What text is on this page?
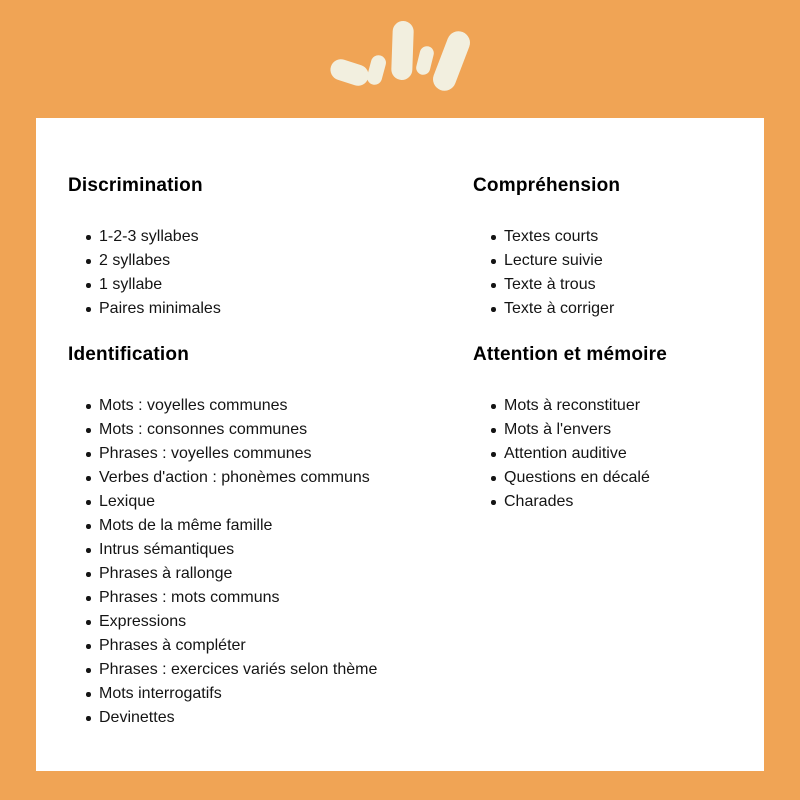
Discrimination
1-2-3 syllabes
2 syllabes
1 syllabe
Paires minimales
Compréhension
Textes courts
Lecture suivie
Texte à trous
Texte à corriger
Identification
Mots : voyelles communes
Mots : consonnes communes
Phrases : voyelles communes
Verbes d'action : phonèmes communs
Lexique
Mots de la même famille
Intrus sémantiques
Phrases à rallonge
Phrases : mots communs
Expressions
Phrases à compléter
Phrases : exercices variés selon thème
Mots interrogatifs
Devinettes
Attention et mémoire
Mots à reconstituer
Mots à l'envers
Attention auditive
Questions en décalé
Charades
